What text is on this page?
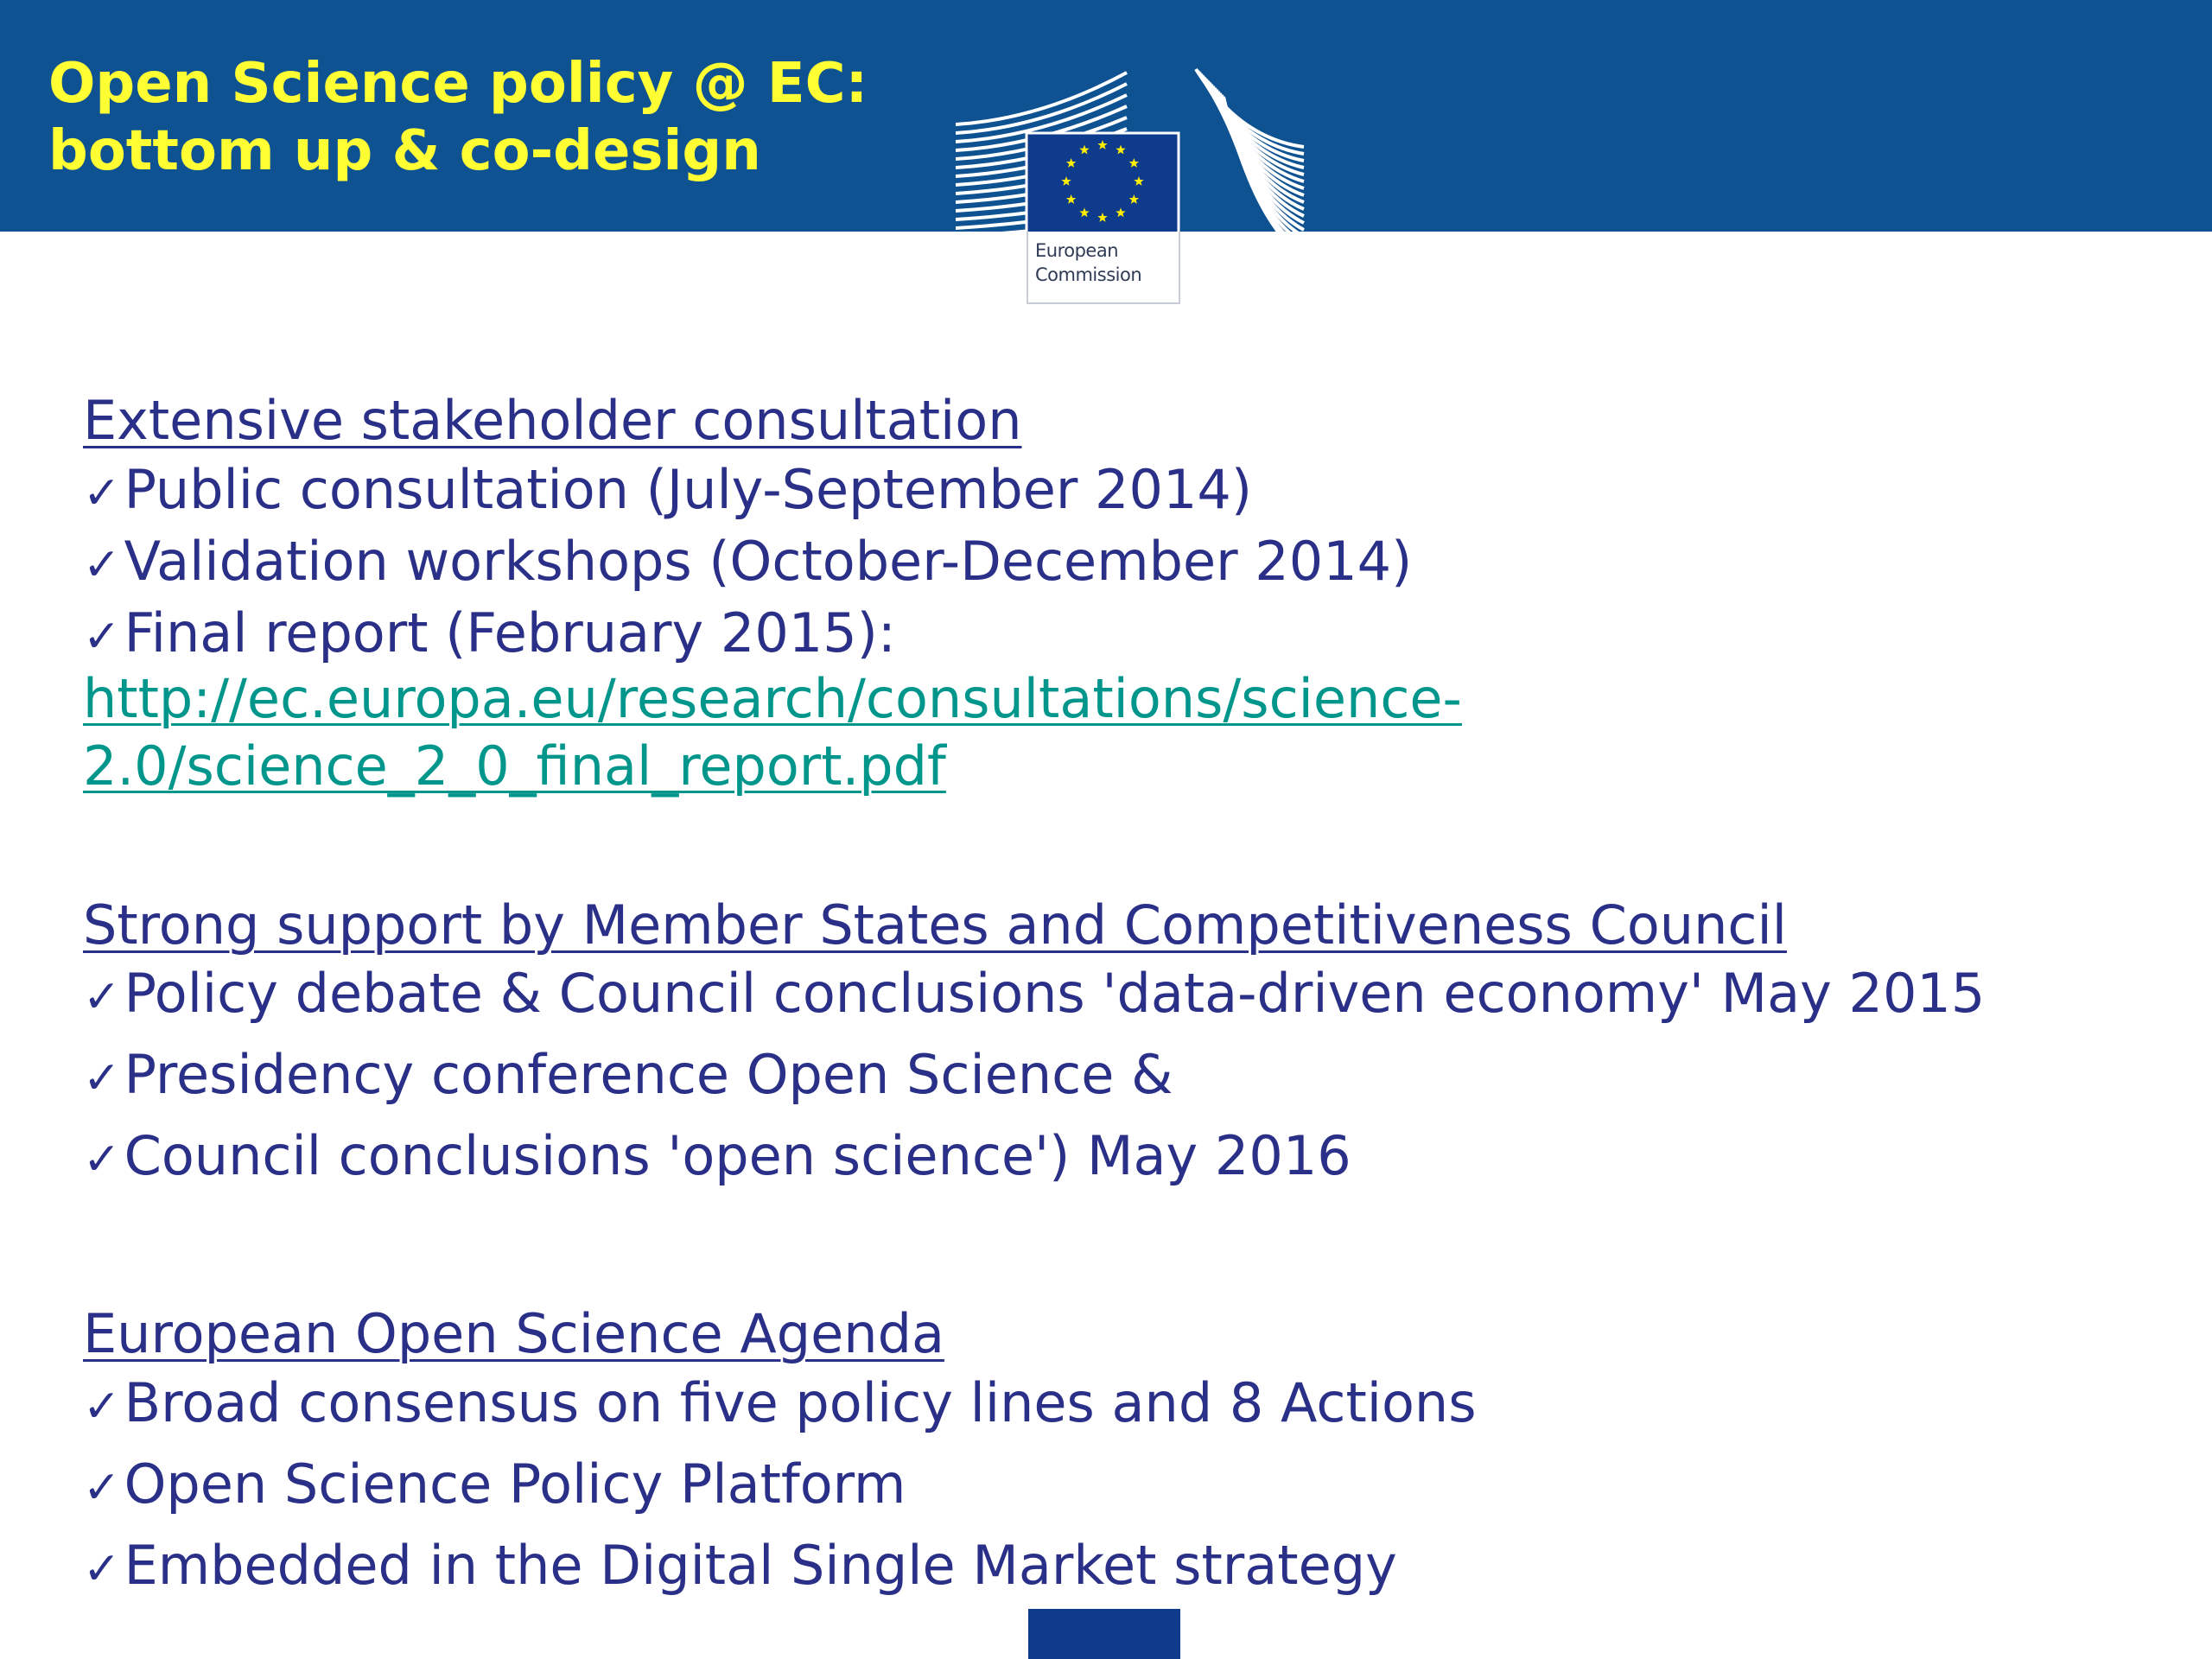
Open Science policy @ EC:
bottom up & co-design
European
Commission
Extensive stakeholder consultation
✓Public consultation (July-September 2014)
✓Validation workshops (October-December 2014)
✓Final report (February 2015):
http://ec.europa.eu/research/consultations/science-
2.0/science_2_0_final_report.pdf
Strong support by Member States and Competitiveness Council
✓Policy debate & Council conclusions 'data-driven economy' May 2015
✓Presidency conference Open Science &
✓Council conclusions 'open science') May 2016
European Open Science Agenda
✓Broad consensus on five policy lines and 8 Actions
✓Open Science Policy Platform
✓Embedded in the Digital Single Market strategy
